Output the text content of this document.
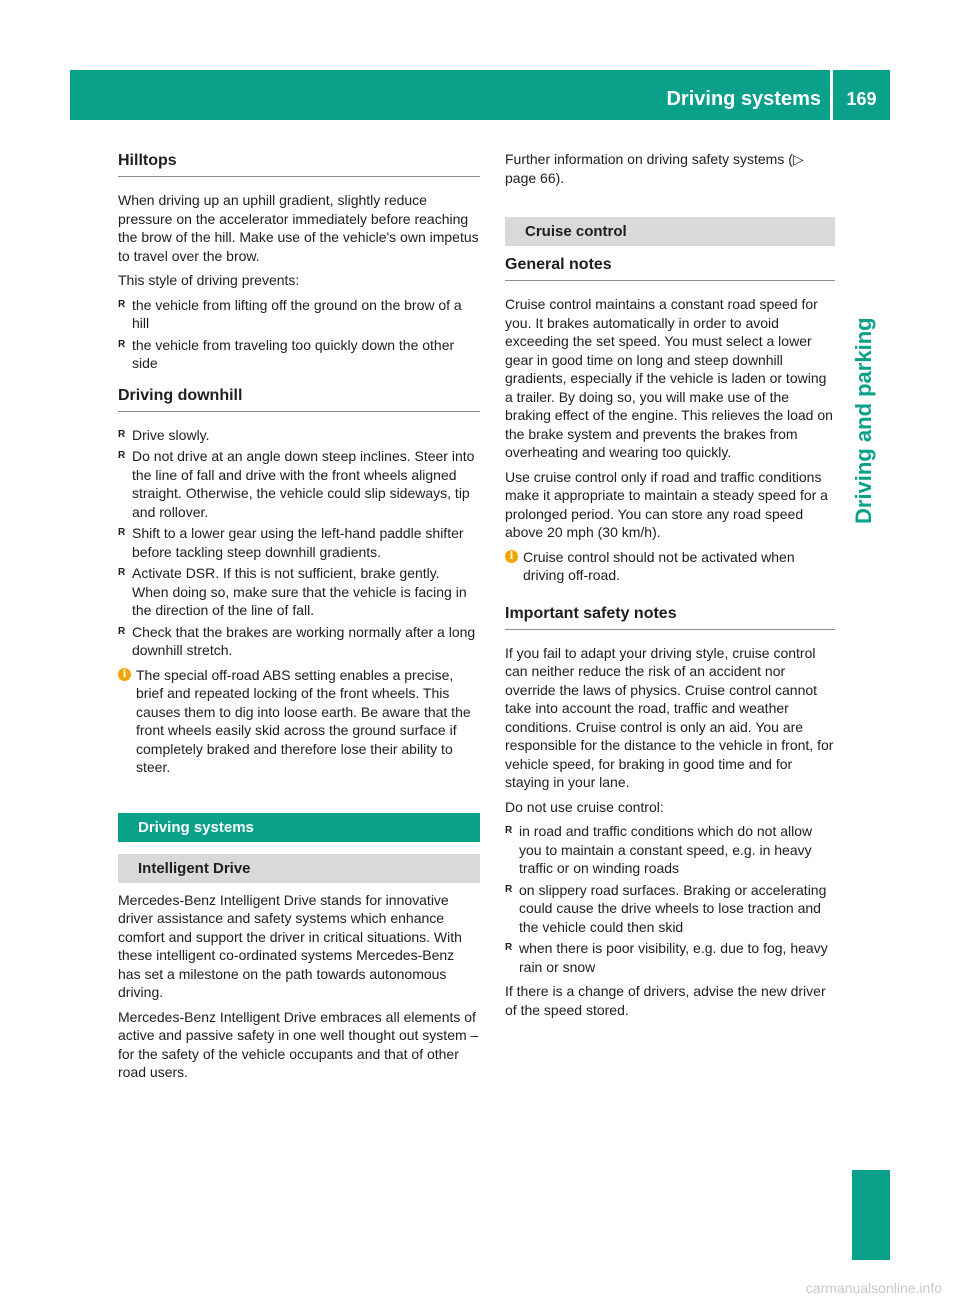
Driving systems	169
Driving and parking
Hilltops

When driving up an uphill gradient, slightly reduce pressure on the accelerator immediately before reaching the brow of the hill. Make use of the vehicle's own impetus to travel over the brow.

This style of driving prevents:

R the vehicle from lifting off the ground on the brow of a hill
R the vehicle from traveling too quickly down the other side
Driving downhill
R Drive slowly.
R Do not drive at an angle down steep inclines. Steer into the line of fall and drive with the front wheels aligned straight. Otherwise, the vehicle could slip sideways, tip and rollover.
R Shift to a lower gear using the left-hand paddle shifter before tackling steep downhill gradients.
R Activate DSR. If this is not sufficient, brake gently. When doing so, make sure that the vehicle is facing in the direction of the line of fall.
R Check that the brakes are working normally after a long downhill stretch.
i The special off-road ABS setting enables a precise, brief and repeated locking of the front wheels. This causes them to dig into loose earth. Be aware that the front wheels easily skid across the ground surface if completely braked and therefore lose their ability to steer.
Driving systems
Intelligent Drive

Mercedes-Benz Intelligent Drive stands for innovative driver assistance and safety systems which enhance comfort and support the driver in critical situations. With these intelligent co-ordinated systems Mercedes-Benz has set a milestone on the path towards autonomous driving.

Mercedes-Benz Intelligent Drive embraces all elements of active and passive safety in one well thought out system – for the safety of the vehicle occupants and that of other road users.

Further information on driving safety systems (▷ page 66).

Cruise control
General notes

Cruise control maintains a constant road speed for you. It brakes automatically in order to avoid exceeding the set speed. You must select a lower gear in good time on long and steep downhill gradients, especially if the vehicle is laden or towing a trailer. By doing so, you will make use of the braking effect of the engine. This relieves the load on the brake system and prevents the brakes from overheating and wearing too quickly.

Use cruise control only if road and traffic conditions make it appropriate to maintain a steady speed for a prolonged period. You can store any road speed above 20 mph (30 km/h).

i Cruise control should not be activated when driving off-road.
Important safety notes

If you fail to adapt your driving style, cruise control can neither reduce the risk of an accident nor override the laws of physics. Cruise control cannot take into account the road, traffic and weather conditions. Cruise control is only an aid. You are responsible for the distance to the vehicle in front, for vehicle speed, for braking in good time and for staying in your lane.

Do not use cruise control:

R in road and traffic conditions which do not allow you to maintain a constant speed, e.g. in heavy traffic or on winding roads
R on slippery road surfaces. Braking or accelerating could cause the drive wheels to lose traction and the vehicle could then skid
R when there is poor visibility, e.g. due to fog, heavy rain or snow

If there is a change of drivers, advise the new driver of the speed stored.

carmanualsonline.info
